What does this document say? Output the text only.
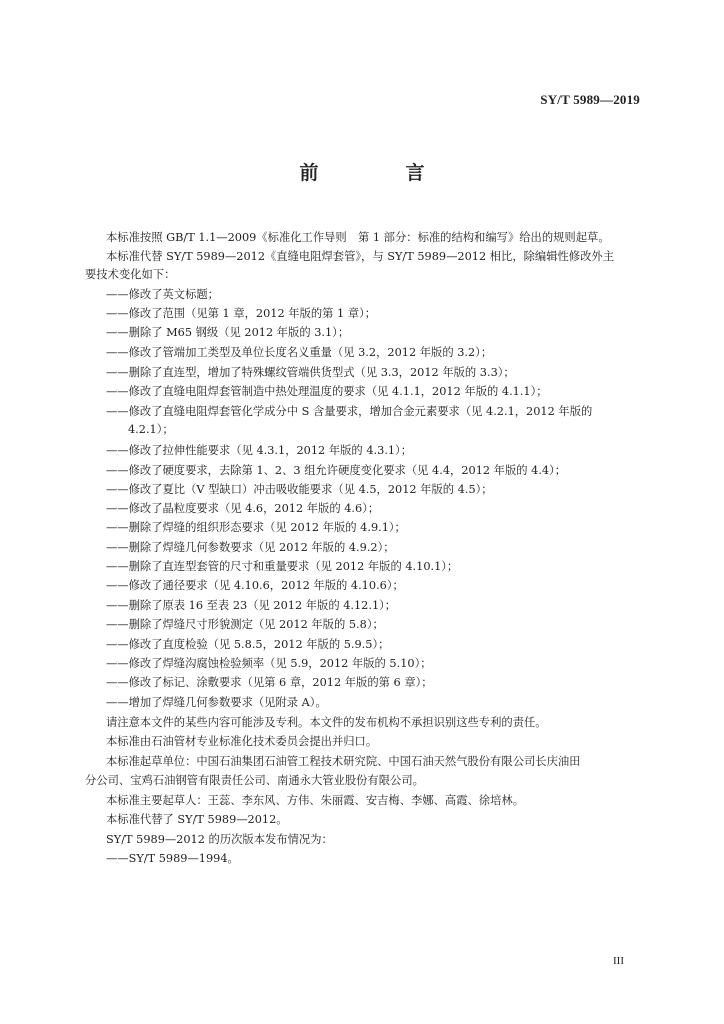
SY/T 5989—2019
前　言
本标准按照 GB/T 1.1—2009《标准化工作导则　第 1 部分：标准的结构和编写》给出的规则起草。
本标准代替 SY/T 5989—2012《直缝电阻焊套管》，与 SY/T 5989—2012 相比，除编辑性修改外主
要技术变化如下：
——修改了英文标题；
——修改了范围（见第 1 章，2012 年版的第 1 章）；
——删除了 M65 钢级（见 2012 年版的 3.1）；
——修改了管端加工类型及单位长度名义重量（见 3.2，2012 年版的 3.2）；
——删除了直连型，增加了特殊螺纹管端供货型式（见 3.3，2012 年版的 3.3）；
——修改了直缝电阻焊套管制造中热处理温度的要求（见 4.1.1，2012 年版的 4.1.1）；
——修改了直缝电阻焊套管化学成分中 S 含量要求，增加合金元素要求（见 4.2.1，2012 年版的
4.2.1）；
——修改了拉伸性能要求（见 4.3.1，2012 年版的 4.3.1）；
——修改了硬度要求，去除第 1、2、3 组允许硬度变化要求（见 4.4，2012 年版的 4.4）；
——修改了夏比（V 型缺口）冲击吸收能要求（见 4.5，2012 年版的 4.5）；
——修改了晶粒度要求（见 4.6，2012 年版的 4.6）；
——删除了焊缝的组织形态要求（见 2012 年版的 4.9.1）；
——删除了焊缝几何参数要求（见 2012 年版的 4.9.2）；
——删除了直连型套管的尺寸和重量要求（见 2012 年版的 4.10.1）；
——修改了通径要求（见 4.10.6，2012 年版的 4.10.6）；
——删除了原表 16 至表 23（见 2012 年版的 4.12.1）；
——删除了焊缝尺寸形貌测定（见 2012 年版的 5.8）；
——修改了直度检验（见 5.8.5，2012 年版的 5.9.5）；
——修改了焊缝沟腐蚀检验频率（见 5.9，2012 年版的 5.10）；
——修改了标记、涂敷要求（见第 6 章，2012 年版的第 6 章）；
——增加了焊缝几何参数要求（见附录 A）。
请注意本文件的某些内容可能涉及专利。本文件的发布机构不承担识别这些专利的责任。
本标准由石油管材专业标准化技术委员会提出并归口。
本标准起草单位：中国石油集团石油管工程技术研究院、中国石油天然气股份有限公司长庆油田
分公司、宝鸡石油钢管有限责任公司、南通永大管业股份有限公司。
本标准主要起草人：王蕊、李东风、方伟、朱丽霞、安吉梅、李娜、高霞、徐培林。
本标准代替了 SY/T 5989—2012。
SY/T 5989—2012 的历次版本发布情况为：
——SY/T 5989—1994。
III
